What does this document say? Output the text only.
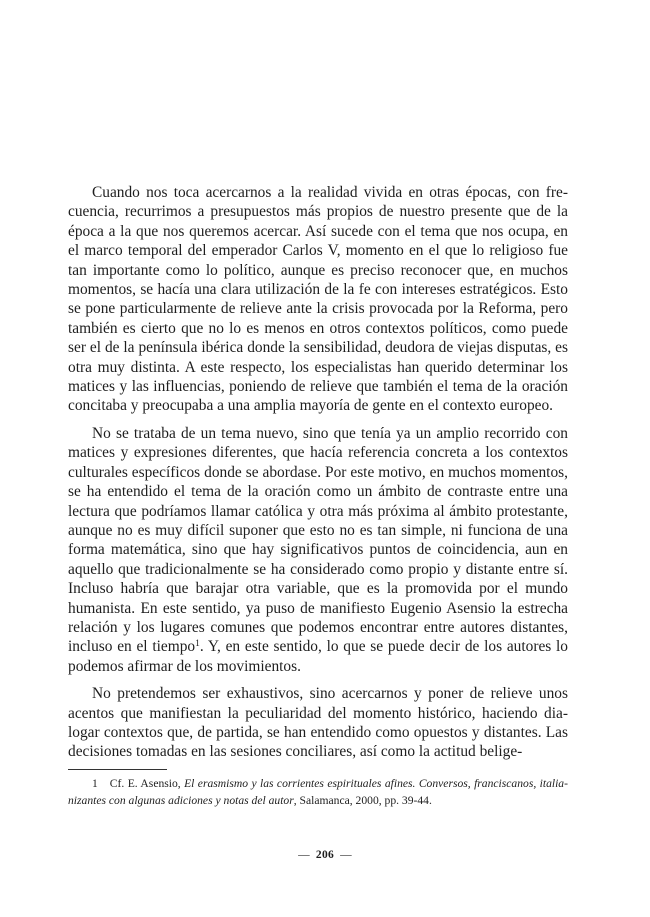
Cuando nos toca acercarnos a la realidad vivida en otras épocas, con frecuencia, recurrimos a presupuestos más propios de nuestro presente que de la época a la que nos queremos acercar. Así sucede con el tema que nos ocupa, en el marco temporal del emperador Carlos V, momento en el que lo religioso fue tan importante como lo político, aunque es preciso reconocer que, en muchos momentos, se hacía una clara utilización de la fe con intereses estratégicos. Esto se pone particularmente de relieve ante la crisis provocada por la Reforma, pero también es cierto que no lo es menos en otros contextos políticos, como puede ser el de la península ibérica donde la sensibilidad, deudora de viejas disputas, es otra muy distinta. A este respecto, los especialistas han querido determinar los matices y las influencias, poniendo de relieve que también el tema de la oración concitaba y preocupaba a una amplia mayoría de gente en el contexto europeo.

No se trataba de un tema nuevo, sino que tenía ya un amplio recorrido con matices y expresiones diferentes, que hacía referencia concreta a los contextos culturales específicos donde se abordase. Por este motivo, en muchos momentos, se ha entendido el tema de la oración como un ámbito de contraste entre una lectura que podríamos llamar católica y otra más próxima al ámbito protestante, aunque no es muy difícil suponer que esto no es tan simple, ni funciona de una forma matemática, sino que hay significativos puntos de coincidencia, aun en aquello que tradicionalmente se ha considerado como propio y distante entre sí. Incluso habría que barajar otra variable, que es la promovida por el mundo humanista. En este sentido, ya puso de manifiesto Eugenio Asensio la estrecha relación y los lugares comunes que podemos encontrar entre autores distantes, incluso en el tiempo$^1$. Y, en este sentido, lo que se puede decir de los autores lo podemos afirmar de los movimientos.

No pretendemos ser exhaustivos, sino acercarnos y poner de relieve unos acentos que manifiestan la peculiaridad del momento histórico, haciendo dialogar contextos que, de partida, se han entendido como opuestos y distantes. Las decisiones tomadas en las sesiones conciliares, así como la actitud belige-

1 Cf. E. Asensio, El erasmismo y las corrientes espirituales afines. Conversos, franciscanos, italianizantes con algunas adiciones y notas del autor, Salamanca, 2000, pp. 39-44.

— 206 —
